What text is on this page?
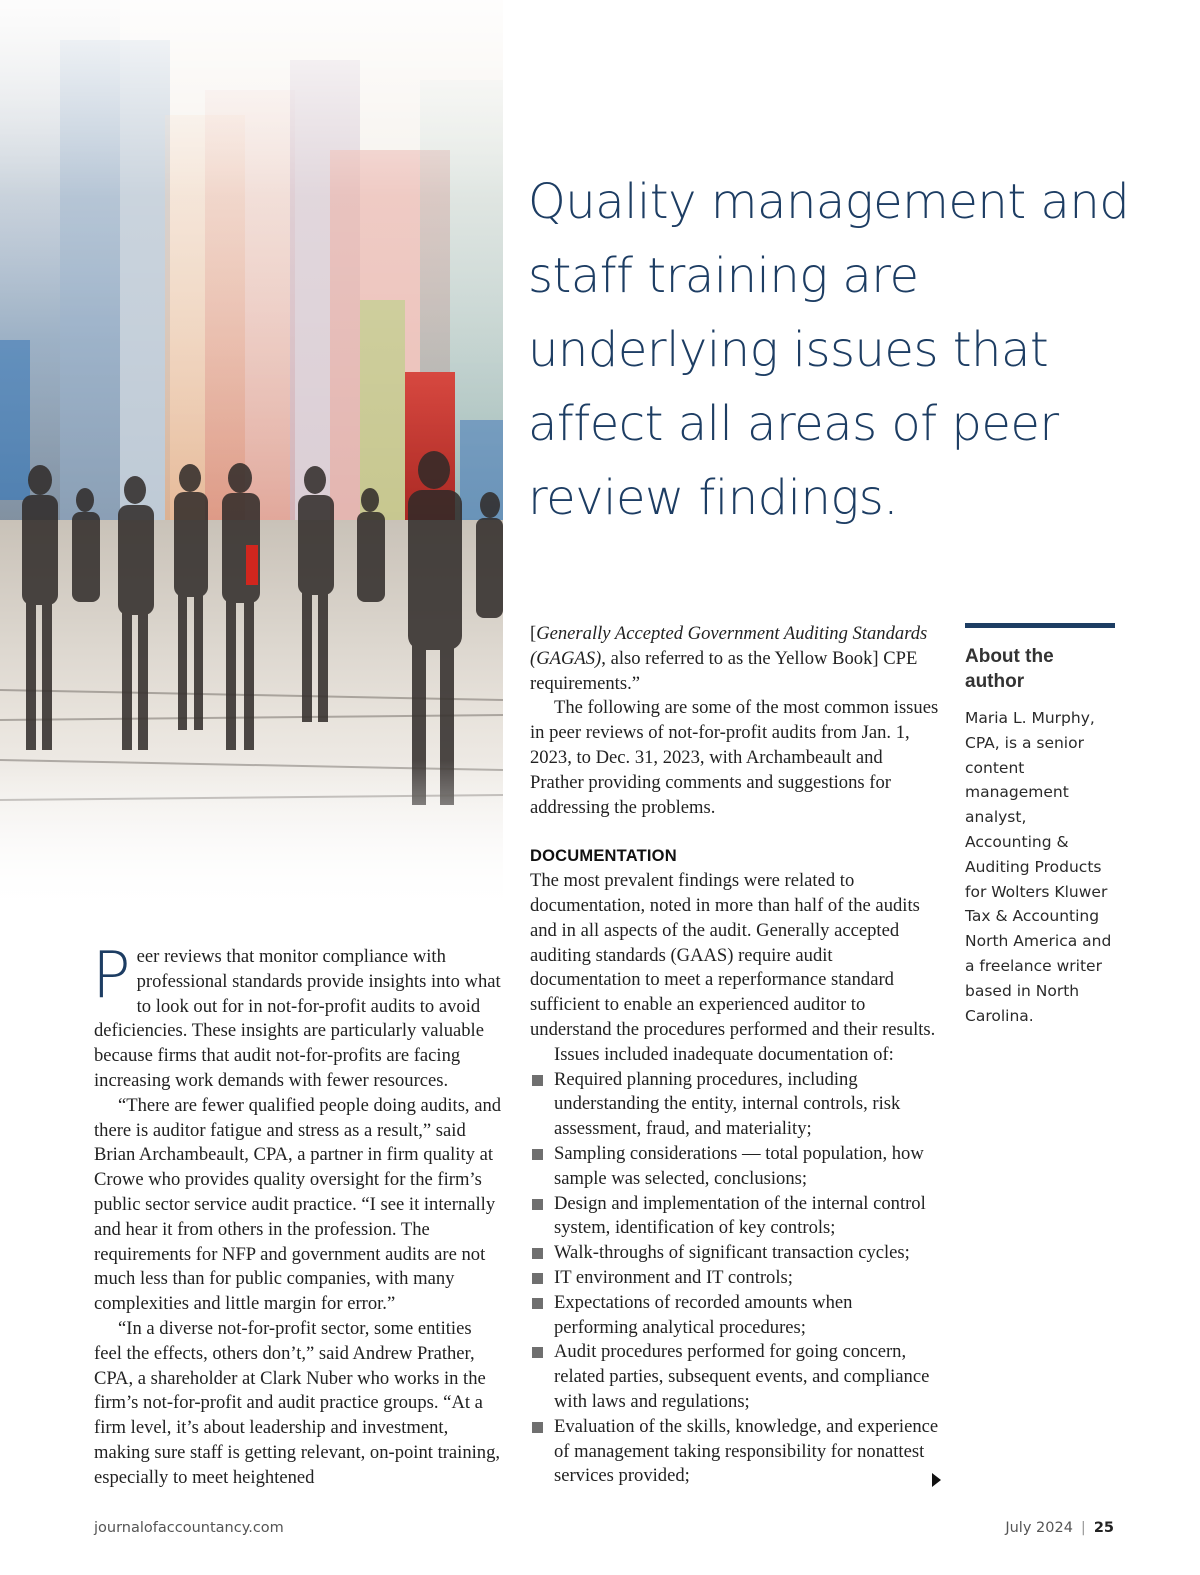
Quality management and staff training are underlying issues that affect all areas of peer review findings.

Peer reviews that monitor compliance with professional standards provide insights into what to look out for in not-for-profit audits to avoid deficiencies. These insights are particularly valuable because firms that audit not-for-profits are facing increasing work demands with fewer resources.

“There are fewer qualified people doing audits, and there is auditor fatigue and stress as a result,” said Brian Archambeault, CPA, a partner in firm quality at Crowe who provides quality oversight for the firm’s public sector service audit practice. “I see it internally and hear it from others in the profession. The requirements for NFP and government audits are not much less than for public companies, with many complexities and little margin for error.”

“In a diverse not-for-profit sector, some entities feel the effects, others don’t,” said Andrew Prather, CPA, a shareholder at Clark Nuber who works in the firm’s not-for-profit and audit practice groups. “At a firm level, it’s about leadership and investment, making sure staff is getting relevant, on-point training, especially to meet heightened

[Generally Accepted Government Auditing Standards (GAGAS), also referred to as the Yellow Book] CPE requirements.”

The following are some of the most common issues in peer reviews of not-for-profit audits from Jan. 1, 2023, to Dec. 31, 2023, with Archambeault and Prather providing comments and suggestions for addressing the problems.

DOCUMENTATION

The most prevalent findings were related to documentation, noted in more than half of the audits and in all aspects of the audit. Generally accepted auditing standards (GAAS) require audit documentation to meet a reperformance standard sufficient to enable an experienced auditor to understand the procedures performed and their results.

Issues included inadequate documentation of:

Required planning procedures, including understanding the entity, internal controls, risk assessment, fraud, and materiality;
Sampling considerations — total population, how sample was selected, conclusions;
Design and implementation of the internal control system, identification of key controls;
Walk-throughs of significant transaction cycles;
IT environment and IT controls;
Expectations of recorded amounts when performing analytical procedures;
Audit procedures performed for going concern, related parties, subsequent events, and compliance with laws and regulations;
Evaluation of the skills, knowledge, and experience of management taking responsibility for nonattest services provided;
About the author
Maria L. Murphy, CPA, is a senior content management analyst, Accounting & Auditing Products for Wolters Kluwer Tax & Accounting North America and a freelance writer based in North Carolina.
journalofaccountancy.com	July 2024 | 25
